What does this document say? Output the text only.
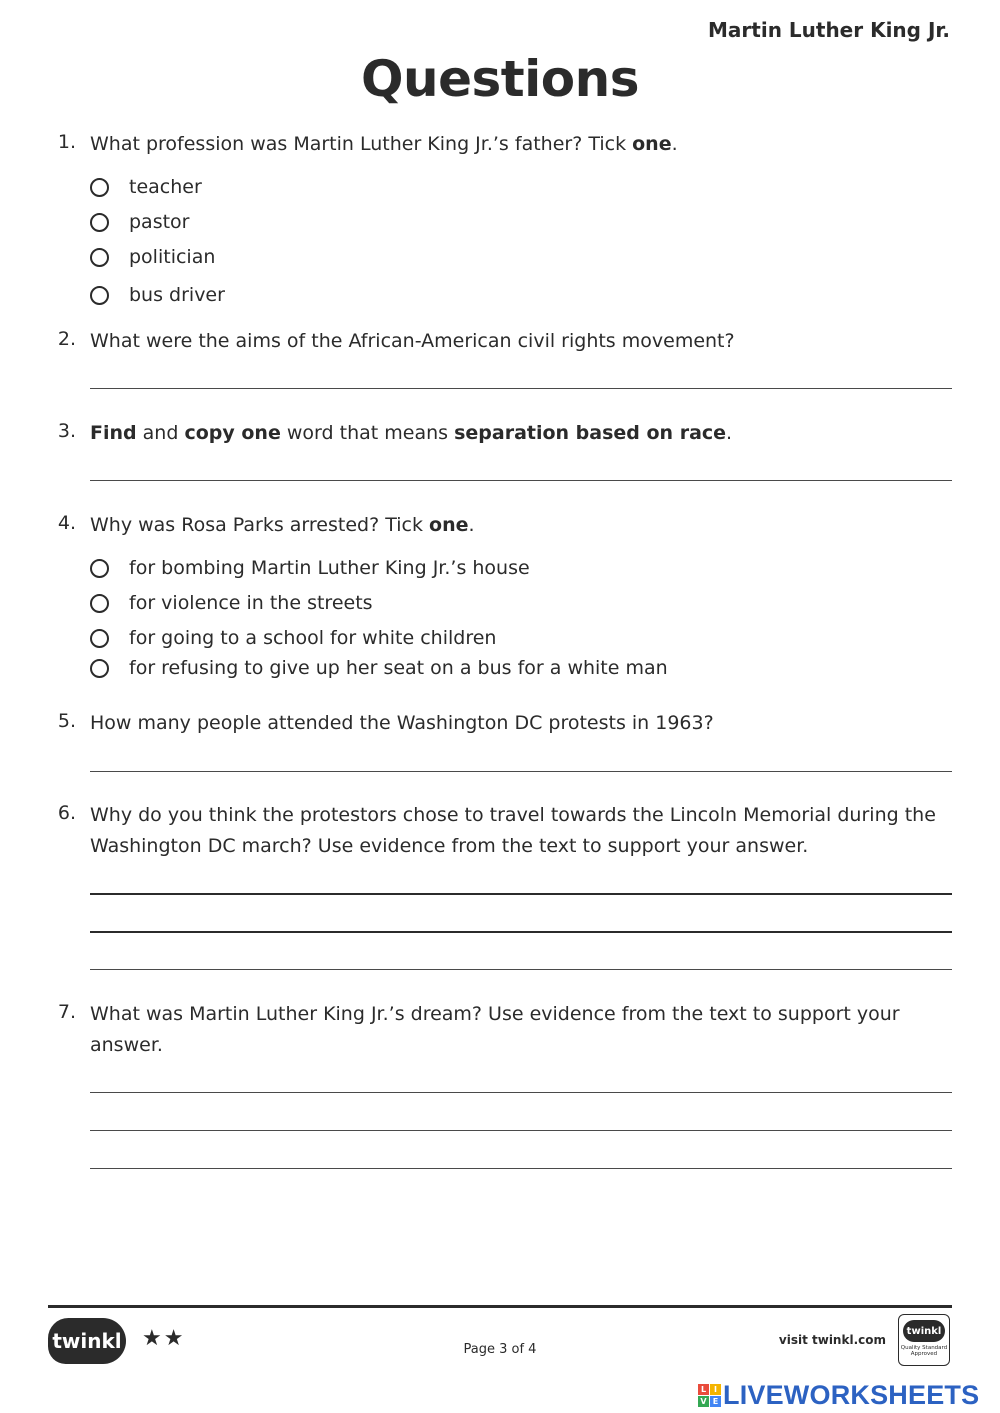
Martin Luther King Jr.
Questions
1. What profession was Martin Luther King Jr.’s father? Tick one.
teacher
pastor
politician
bus driver
2. What were the aims of the African-American civil rights movement?
3. Find and copy one word that means separation based on race.
4. Why was Rosa Parks arrested? Tick one.
for bombing Martin Luther King Jr.’s house
for violence in the streets
for going to a school for white children
for refusing to give up her seat on a bus for a white man
5. How many people attended the Washington DC protests in 1963?
6. Why do you think the protestors chose to travel towards the Lincoln Memorial during the
Washington DC march? Use evidence from the text to support your answer.
7. What was Martin Luther King Jr.’s dream? Use evidence from the text to support your
answer.
twinkl ★★	Page 3 of 4
visit twinkl.com
twinkl
Quality Standard Approved
L I
V E LIVEWORKSHEETS
